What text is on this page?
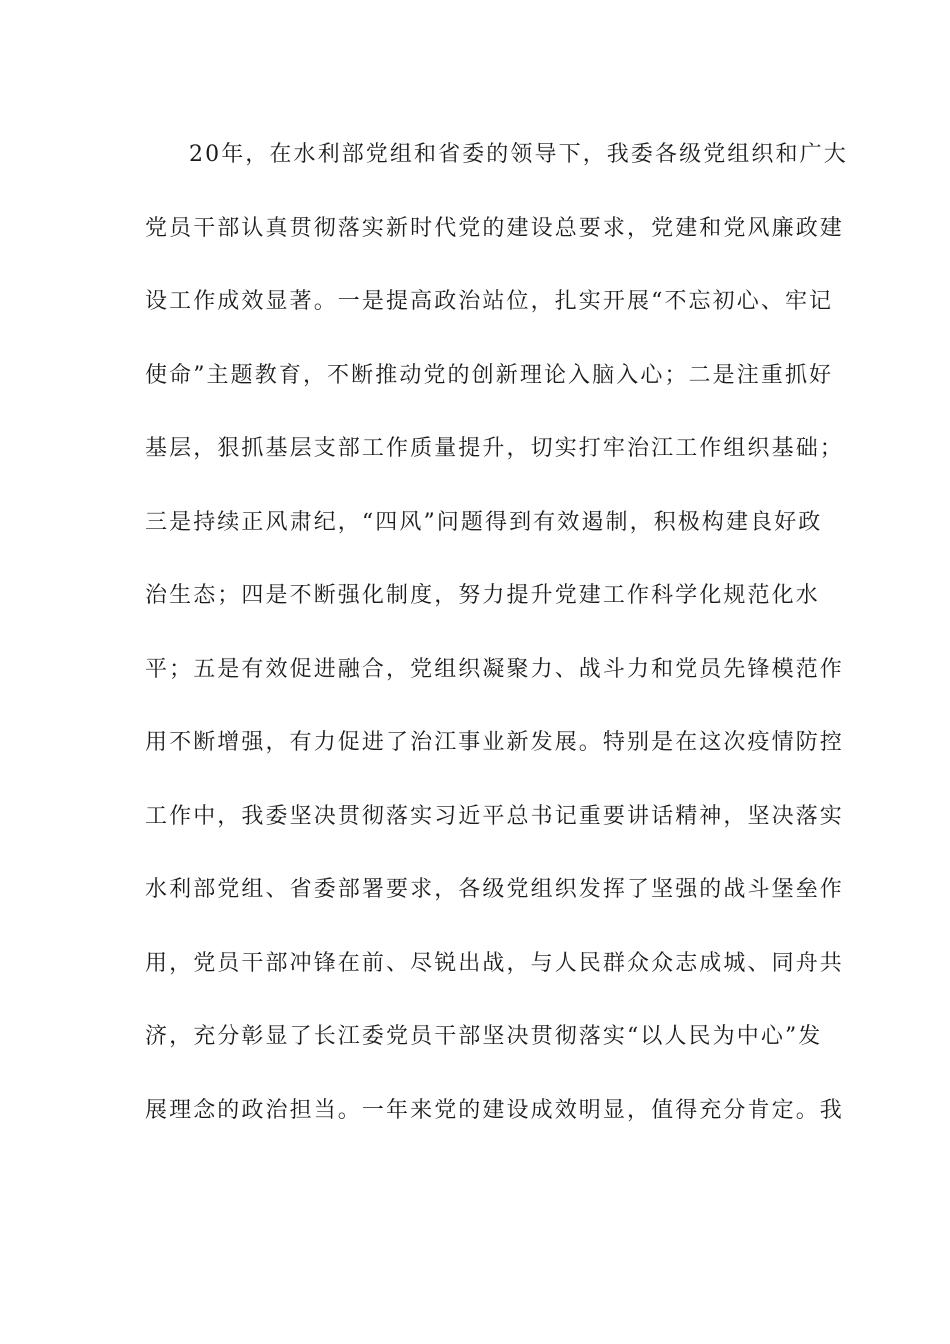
20年，在水利部党组和省委的领导下，我委各级党组织和广大
党员干部认真贯彻落实新时代党的建设总要求，党建和党风廉政建
设工作成效显著。一是提高政治站位，扎实开展“不忘初心、牢记
使命”主题教育，不断推动党的创新理论入脑入心；二是注重抓好
基层，狠抓基层支部工作质量提升，切实打牢治江工作组织基础；
三是持续正风肃纪，“四风”问题得到有效遏制，积极构建良好政
治生态；四是不断强化制度，努力提升党建工作科学化规范化水
平；五是有效促进融合，党组织凝聚力、战斗力和党员先锋模范作
用不断增强，有力促进了治江事业新发展。特别是在这次疫情防控
工作中，我委坚决贯彻落实习近平总书记重要讲话精神，坚决落实
水利部党组、省委部署要求，各级党组织发挥了坚强的战斗堡垒作
用，党员干部冲锋在前、尽锐出战，与人民群众众志成城、同舟共
济，充分彰显了长江委党员干部坚决贯彻落实“以人民为中心”发
展理念的政治担当。一年来党的建设成效明显，值得充分肯定。我
